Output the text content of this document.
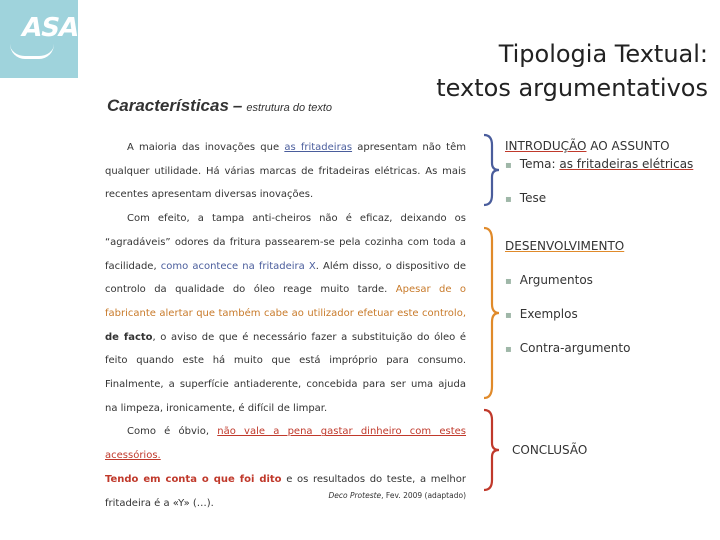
ASA
Tipologia Textual:
textos argumentativos
Características – estrutura do texto

A maioria das inovações que as fritadeiras apresentam não têm qualquer utilidade. Há várias marcas de fritadeiras elétricas. As mais recentes apresentam diversas inovações.

Com efeito, a tampa anti-cheiros não é eficaz, deixando os “agradáveis” odores da fritura passearem-se pela cozinha com toda a facilidade, como acontece na fritadeira X. Além disso, o dispositivo de controlo da qualidade do óleo reage muito tarde. Apesar de o fabricante alertar que também cabe ao utilizador efetuar este controlo, de facto, o aviso de que é necessário fazer a substituição do óleo é feito quando este há muito que está impróprio para consumo. Finalmente, a superfície antiaderente, concebida para ser uma ajuda na limpeza, ironicamente, é difícil de limpar.

Como é óbvio, não vale a pena gastar dinheiro com estes acessórios.
Tendo em conta o que foi dito e os resultados do teste, a melhor fritadeira é a «Y» (…).

Deco Proteste, Fev. 2009 (adaptado)
INTRODUÇÃO AO ASSUNTO
▪ Tema: as fritadeiras elétricas
▪ Tese
DESENVOLVIMENTO
▪ Argumentos
▪ Exemplos
▪ Contra-argumento
CONCLUSÃO
